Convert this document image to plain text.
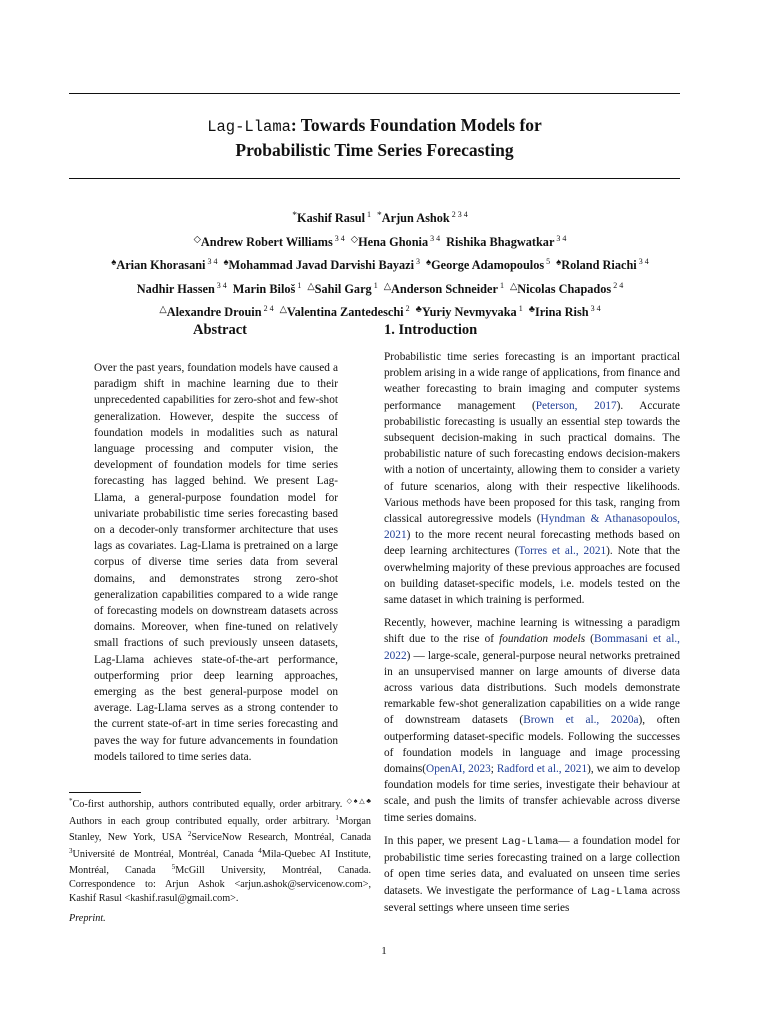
Lag-Llama: Towards Foundation Models for
Probabilistic Time Series Forecasting
*Kashif Rasul $^1$ *Arjun Ashok $^{2 3 4}$
◇Andrew Robert Williams $^{3 4}$ ◇Hena Ghonia $^{3 4}$ Rishika Bhagwatkar $^{3 4}$
♠Arian Khorasani $^{3 4}$ ♠Mohammad Javad Darvishi Bayazi $^3$ ♠George Adamopoulos $^5$ ♠Roland Riachi $^{3 4}$
Nadhir Hassen $^{3 4}$ Marin Biloš $^1$ △Sahil Garg $^1$ △Anderson Schneider $^1$ △Nicolas Chapados $^{2 4}$
△Alexandre Drouin $^{2 4}$ △Valentina Zantedeschi $^2$ ♣Yuriy Nevmyvaka $^1$ ♣Irina Rish $^{3 4}$
Abstract
Over the past years, foundation models have caused a paradigm shift in machine learning due to their unprecedented capabilities for zero-shot and few-shot generalization. However, despite the success of foundation models in modalities such as natural language processing and computer vision, the development of foundation models for time series forecasting has lagged behind. We present Lag-Llama, a general-purpose foundation model for univariate probabilistic time series forecasting based on a decoder-only transformer architecture that uses lags as covariates. Lag-Llama is pretrained on a large corpus of diverse time series data from several domains, and demonstrates strong zero-shot generalization capabilities compared to a wide range of forecasting models on downstream datasets across domains. Moreover, when fine-tuned on relatively small fractions of such previously unseen datasets, Lag-Llama achieves state-of-the-art performance, outperforming prior deep learning approaches, emerging as the best general-purpose model on average. Lag-Llama serves as a strong contender to the current state-of-art in time series forecasting and paves the way for future advancements in foundation models tailored to time series data.
*Co-first authorship, authors contributed equally, order arbitrary. ◇♠△♣ Authors in each group contributed equally, order arbitrary. $^1$Morgan Stanley, New York, USA $^2$ServiceNow Research, Montréal, Canada $^3$Université de Montréal, Montréal, Canada $^4$Mila-Quebec AI Institute, Montréal, Canada $^5$McGill University, Montréal, Canada. Correspondence to: Arjun Ashok <arjun.ashok@servicenow.com>, Kashif Rasul <kashif.rasul@gmail.com>.
Preprint.
1. Introduction

Probabilistic time series forecasting is an important practical problem arising in a wide range of applications, from finance and weather forecasting to brain imaging and computer systems performance management (Peterson, 2017). Accurate probabilistic forecasting is usually an essential step towards the subsequent decision-making in such practical domains. The probabilistic nature of such forecasting endows decision-makers with a notion of uncertainty, allowing them to consider a variety of future scenarios, along with their respective likelihoods. Various methods have been proposed for this task, ranging from classical autoregressive models (Hyndman & Athanasopoulos, 2021) to the more recent neural forecasting methods based on deep learning architectures (Torres et al., 2021). Note that the overwhelming majority of these previous approaches are focused on building dataset-specific models, i.e. models tested on the same dataset in which training is performed.

Recently, however, machine learning is witnessing a paradigm shift due to the rise of foundation models (Bommasani et al., 2022) — large-scale, general-purpose neural networks pretrained in an unsupervised manner on large amounts of diverse data across various data distributions. Such models demonstrate remarkable few-shot generalization capabilities on a wide range of downstream datasets (Brown et al., 2020a), often outperforming dataset-specific models. Following the successes of foundation models in language and image processing domains(OpenAI, 2023; Radford et al., 2021), we aim to develop foundation models for time series, investigate their behaviour at scale, and push the limits of transfer achievable across diverse time series domains.

In this paper, we present Lag-Llama— a foundation model for probabilistic time series forecasting trained on a large collection of open time series data, and evaluated on unseen time series datasets. We investigate the performance of Lag-Llama across several settings where unseen time series

1
